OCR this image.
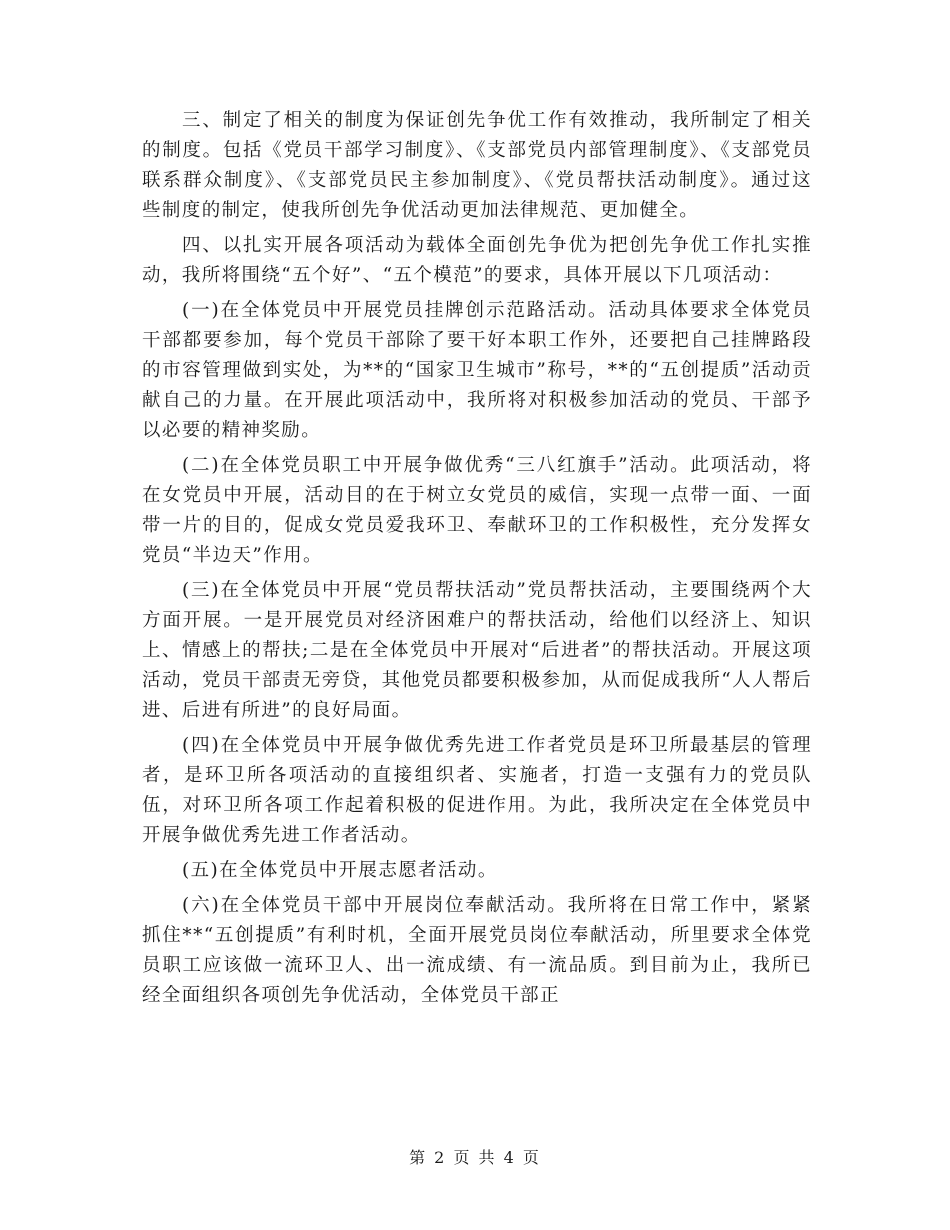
三、制定了相关的制度为保证创先争优工作有效推动，我所制定了相关的制度。包括《党员干部学习制度》、《支部党员内部管理制度》、《支部党员联系群众制度》、《支部党员民主参加制度》、《党员帮扶活动制度》。通过这些制度的制定，使我所创先争优活动更加法律规范、更加健全。

四、以扎实开展各项活动为载体全面创先争优为把创先争优工作扎实推动，我所将围绕“五个好”、“五个模范”的要求，具体开展以下几项活动：

(一)在全体党员中开展党员挂牌创示范路活动。活动具体要求全体党员干部都要参加，每个党员干部除了要干好本职工作外，还要把自己挂牌路段的市容管理做到实处，为**的“国家卫生城市”称号，**的“五创提质”活动贡献自己的力量。在开展此项活动中，我所将对积极参加活动的党员、干部予以必要的精神奖励。

(二)在全体党员职工中开展争做优秀“三八红旗手”活动。此项活动，将在女党员中开展，活动目的在于树立女党员的威信，实现一点带一面、一面带一片的目的，促成女党员爱我环卫、奉献环卫的工作积极性，充分发挥女党员“半边天”作用。

(三)在全体党员中开展“党员帮扶活动”党员帮扶活动，主要围绕两个大方面开展。一是开展党员对经济困难户的帮扶活动，给他们以经济上、知识上、情感上的帮扶;二是在全体党员中开展对“后进者”的帮扶活动。开展这项活动，党员干部责无旁贷，其他党员都要积极参加，从而促成我所“人人帮后进、后进有所进”的良好局面。

(四)在全体党员中开展争做优秀先进工作者党员是环卫所最基层的管理者，是环卫所各项活动的直接组织者、实施者，打造一支强有力的党员队伍，对环卫所各项工作起着积极的促进作用。为此，我所决定在全体党员中开展争做优秀先进工作者活动。

(五)在全体党员中开展志愿者活动。

(六)在全体党员干部中开展岗位奉献活动。我所将在日常工作中，紧紧抓住**“五创提质”有利时机，全面开展党员岗位奉献活动，所里要求全体党员职工应该做一流环卫人、出一流成绩、有一流品质。到目前为止，我所已经全面组织各项创先争优活动，全体党员干部正

第 2 页 共 4 页
